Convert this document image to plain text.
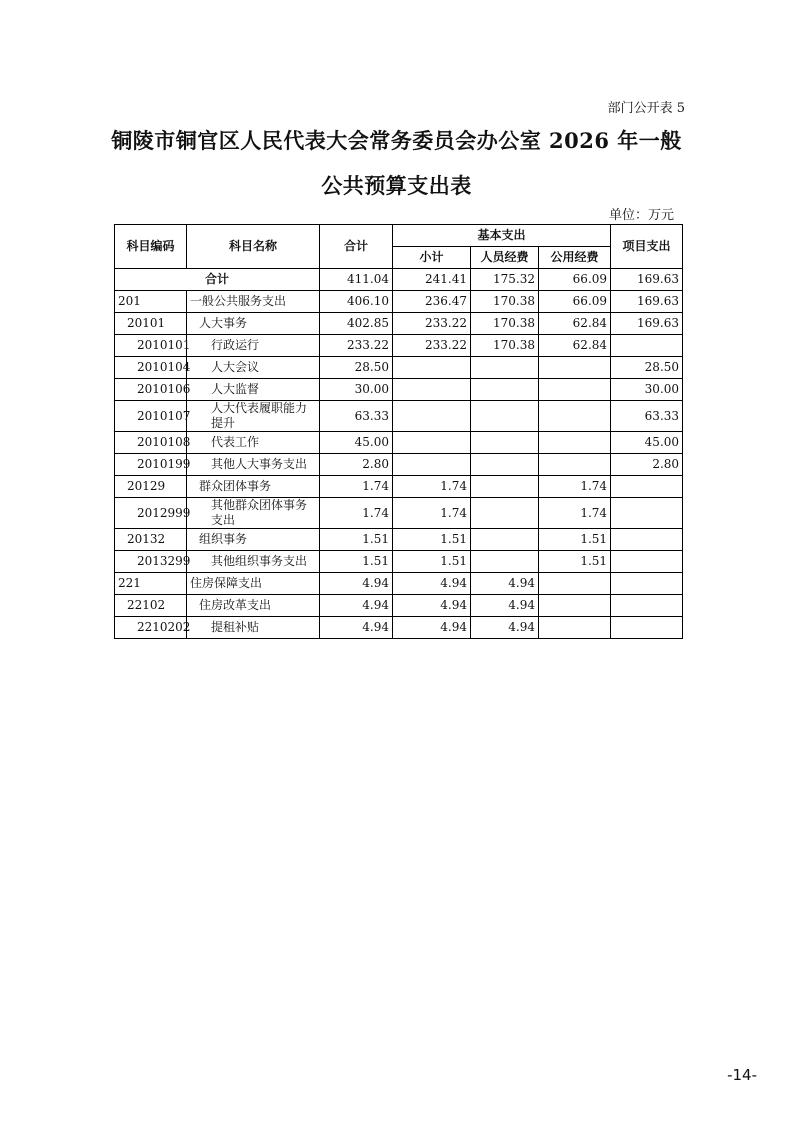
部门公开表 5
铜陵市铜官区人民代表大会常务委员会办公室 2026 年一般
公共预算支出表
单位：万元
科目编码	科目名称	合计	基本支出			项目支出
			小计	人员经费	公用经费	
合计		411.04	241.41	175.32	66.09	169.63
201	一般公共服务支出	406.10	236.47	170.38	66.09	169.63
20101	人大事务	402.85	233.22	170.38	62.84	169.63
2010101	行政运行	233.22	233.22	170.38	62.84	
2010104	人大会议	28.50				28.50
2010106	人大监督	30.00				30.00
2010107	人大代表履职能力提升	63.33				63.33
2010108	代表工作	45.00				45.00
2010199	其他人大事务支出	2.80				2.80
20129	群众团体事务	1.74	1.74		1.74	
2012999	其他群众团体事务支出	1.74	1.74		1.74	
20132	组织事务	1.51	1.51		1.51	
2013299	其他组织事务支出	1.51	1.51		1.51	
221	住房保障支出	4.94	4.94	4.94		
22102	住房改革支出	4.94	4.94	4.94		
2210202	提租补贴	4.94	4.94	4.94		
-14-
